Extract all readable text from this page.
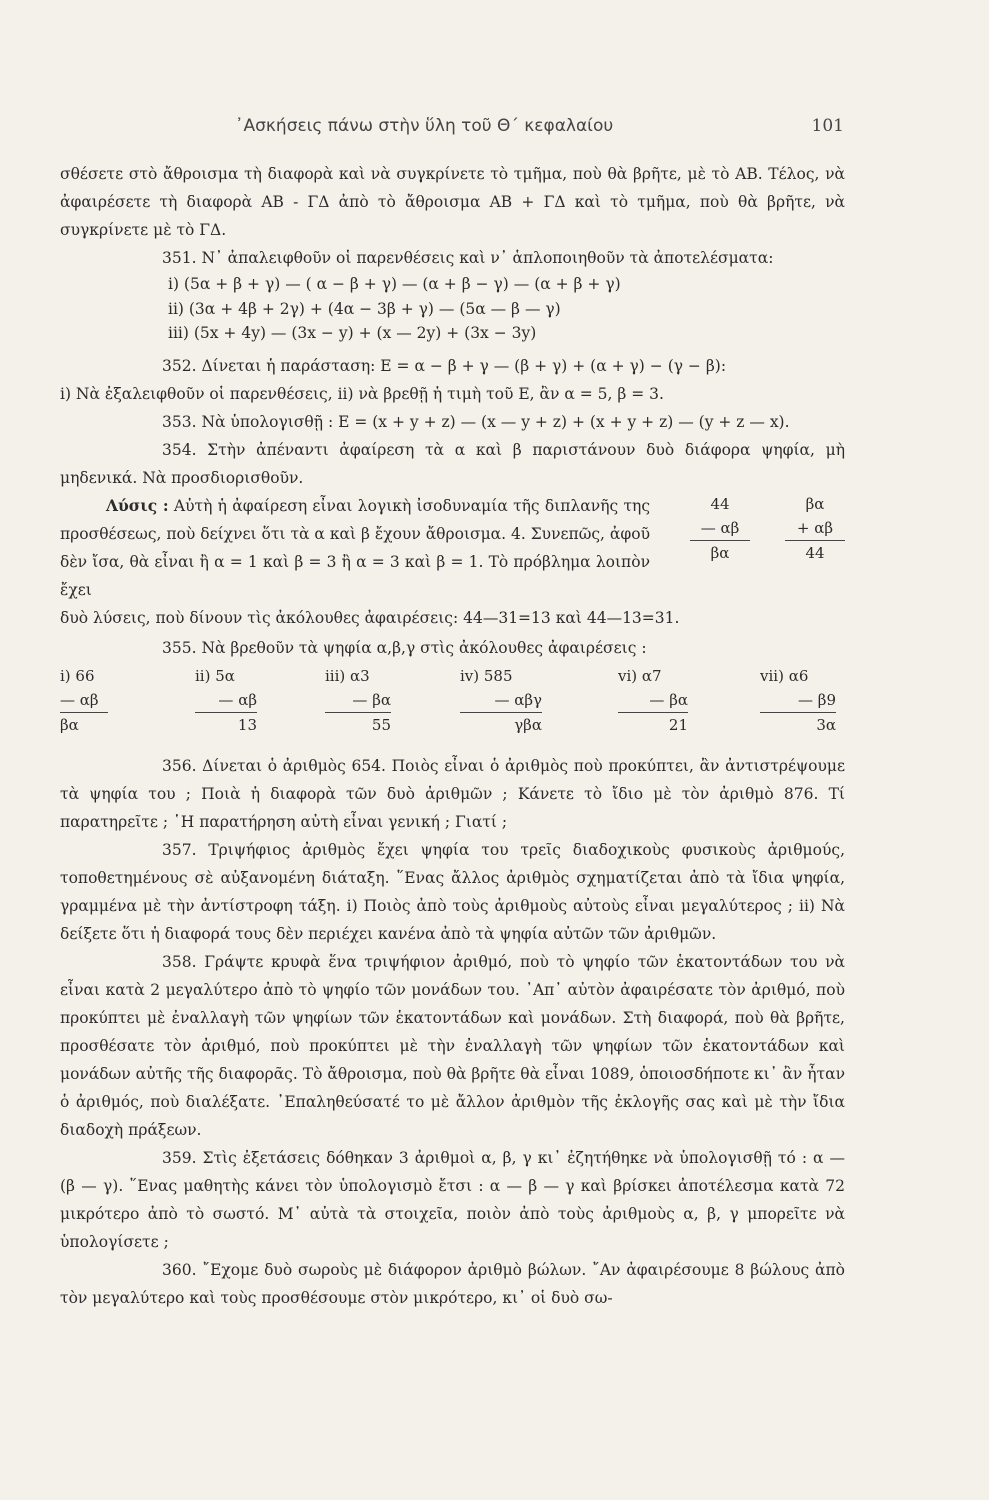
᾿Ασκήσεις πάνω στὴν ὕλη τοῦ Θ΄ κεφαλαίου	101

σθέσετε στὸ ἄθροισμα τὴ διαφορὰ καὶ νὰ συγκρίνετε τὸ τμῆμα, ποὺ θὰ βρῆτε, μὲ τὸ ΑΒ. Τέλος, νὰ ἀφαιρέσετε τὴ διαφορὰ ΑΒ - ΓΔ ἀπὸ τὸ ἄθροισμα ΑΒ + ΓΔ καὶ τὸ τμῆμα, ποὺ θὰ βρῆτε, νὰ συγκρίνετε μὲ τὸ ΓΔ.

351. Ν᾿ ἀπαλειφθοῦν οἱ παρενθέσεις καὶ ν᾿ ἁπλοποιηθοῦν τὰ ἀποτελέσματα:

i) (5α + β + γ) — ( α − β + γ) — (α + β − γ) — (α + β + γ)
ii) (3α + 4β + 2γ) + (4α − 3β + γ) — (5α — β — γ)
iii) (5x + 4y) — (3x − y) + (x — 2y) + (3x − 3y)

352. Δίνεται ἡ παράσταση: Ε = α − β + γ — (β + γ) + (α + γ) − (γ − β):

i) Νὰ ἐξαλειφθοῦν οἱ παρενθέσεις, ii) νὰ βρεθῇ ἡ τιμὴ τοῦ Ε, ἂν α = 5, β = 3.

353. Νὰ ὑπολογισθῇ : Ε = (x + y + z) — (x — y + z) + (x + y + z) — (y + z — x).

354. Στὴν ἀπέναντι ἀφαίρεση τὰ α καὶ β παριστάνουν δυὸ διάφορα ψηφία, μὴ μηδενικά. Νὰ προσδιορισθοῦν.

Λύσις : Αὐτὴ ἡ ἀφαίρεση εἶναι λογικὴ ἰσοδυναμία τῆς διπλανῆς της προσθέσεως, ποὺ δείχνει ὅτι τὰ α καὶ β ἔχουν ἄθροισμα. 4. Συνεπῶς, ἀφοῦ δὲν ἴσα, θὰ εἶναι ἢ α = 1 καὶ β = 3 ἢ α = 3 καὶ β = 1. Τὸ πρόβλημα λοιπὸν ἔχει

δυὸ λύσεις, ποὺ δίνουν τὶς ἀκόλουθες ἀφαιρέσεις: 44—31=13 καὶ 44—13=31.

44
— αβ
βα
βα
+ αβ
44

355. Νὰ βρεθοῦν τὰ ψηφία α,β,γ στὶς ἀκόλουθες ἀφαιρέσεις :

i) 66
— αβ
βα
ii) 5α
— αβ
13
iii) α3
— βα
55
iv) 585
— αβγ
γβα
vi) α7
— βα
21
vii) α6
— β9
3α

356. Δίνεται ὁ ἀριθμὸς 654. Ποιὸς εἶναι ὁ ἀριθμὸς ποὺ προκύπτει, ἂν ἀντιστρέψουμε τὰ ψηφία του ; Ποιὰ ἡ διαφορὰ τῶν δυὸ ἀριθμῶν ; Κάνετε τὸ ἴδιο μὲ τὸν ἀριθμὸ 876. Τί παρατηρεῖτε ; ῾Η παρατήρηση αὐτὴ εἶναι γενική ; Γιατί ;

357. Τριψήφιος ἀριθμὸς ἔχει ψηφία του τρεῖς διαδοχικοὺς φυσικοὺς ἀριθμούς, τοποθετημένους σὲ αὐξανομένη διάταξη. ῞Ενας ἄλλος ἀριθμὸς σχηματίζεται ἀπὸ τὰ ἴδια ψηφία, γραμμένα μὲ τὴν ἀντίστροφη τάξη. i) Ποιὸς ἀπὸ τοὺς ἀριθμοὺς αὐτοὺς εἶναι μεγαλύτερος ; ii) Νὰ δείξετε ὅτι ἡ διαφορά τους δὲν περιέχει κανένα ἀπὸ τὰ ψηφία αὐτῶν τῶν ἀριθμῶν.

358. Γράψτε κρυφὰ ἕνα τριψήφιον ἀριθμό, ποὺ τὸ ψηφίο τῶν ἑκατοντάδων του νὰ εἶναι κατὰ 2 μεγαλύτερο ἀπὸ τὸ ψηφίο τῶν μονάδων του. ᾿Απ᾿ αὐτὸν ἀφαιρέσατε τὸν ἀριθμό, ποὺ προκύπτει μὲ ἐναλλαγὴ τῶν ψηφίων τῶν ἑκατοντάδων καὶ μονάδων. Στὴ διαφορά, ποὺ θὰ βρῆτε, προσθέσατε τὸν ἀριθμό, ποὺ προκύπτει μὲ τὴν ἐναλλαγὴ τῶν ψηφίων τῶν ἑκατοντάδων καὶ μονάδων αὐτῆς τῆς διαφορᾶς. Τὸ ἄθροισμα, ποὺ θὰ βρῆτε θὰ εἶναι 1089, ὁποιοσδήποτε κι᾿ ἂν ἦταν ὁ ἀριθμός, ποὺ διαλέξατε. ᾿Επαληθεύσατέ το μὲ ἄλλον ἀριθμὸν τῆς ἐκλογῆς σας καὶ μὲ τὴν ἴδια διαδοχὴ πράξεων.

359. Στὶς ἐξετάσεις δόθηκαν 3 ἀριθμοὶ α, β, γ κι᾿ ἐζητήθηκε νὰ ὑπολογισθῇ τό : α — (β — γ). ῞Ενας μαθητὴς κάνει τὸν ὑπολογισμὸ ἔτσι : α — β — γ καὶ βρίσκει ἀποτέλεσμα κατὰ 72 μικρότερο ἀπὸ τὸ σωστό. Μ᾿ αὐτὰ τὰ στοιχεῖα, ποιὸν ἀπὸ τοὺς ἀριθμοὺς α, β, γ μπορεῖτε νὰ ὑπολογίσετε ;

360. ῎Εχομε δυὸ σωροὺς μὲ διάφορον ἀριθμὸ βώλων. ῎Αν ἀφαιρέσουμε 8 βώλους ἀπὸ τὸν μεγαλύτερο καὶ τοὺς προσθέσουμε στὸν μικρότερο, κι᾿ οἱ δυὸ σω-
